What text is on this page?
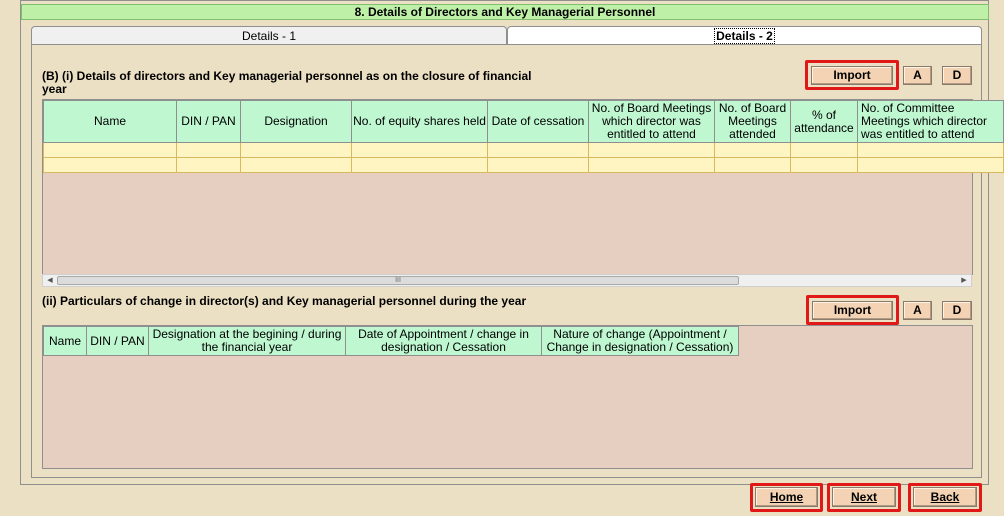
8. Details of Directors and Key Managerial Personnel
Details - 1	Details - 2
(B) (i) Details of directors and Key managerial personnel as on the closure of financial
year
Import	A	D
Name	DIN / PAN	Designation	No. of equity shares held	Date of cessation	No. of Board Meetings which director was entitled to attend	No. of Board Meetings attended	% of attendance	No. of Committee Meetings which director was entitled to attend

◀	III	▶
(ii) Particulars of change in director(s) and Key managerial personnel during the year
Import	A	D
Name	DIN / PAN	Designation at the begining / during the financial year	Date of Appointment / change in designation / Cessation	Nature of change (Appointment / Change in designation / Cessation)
Home	Next	Back
